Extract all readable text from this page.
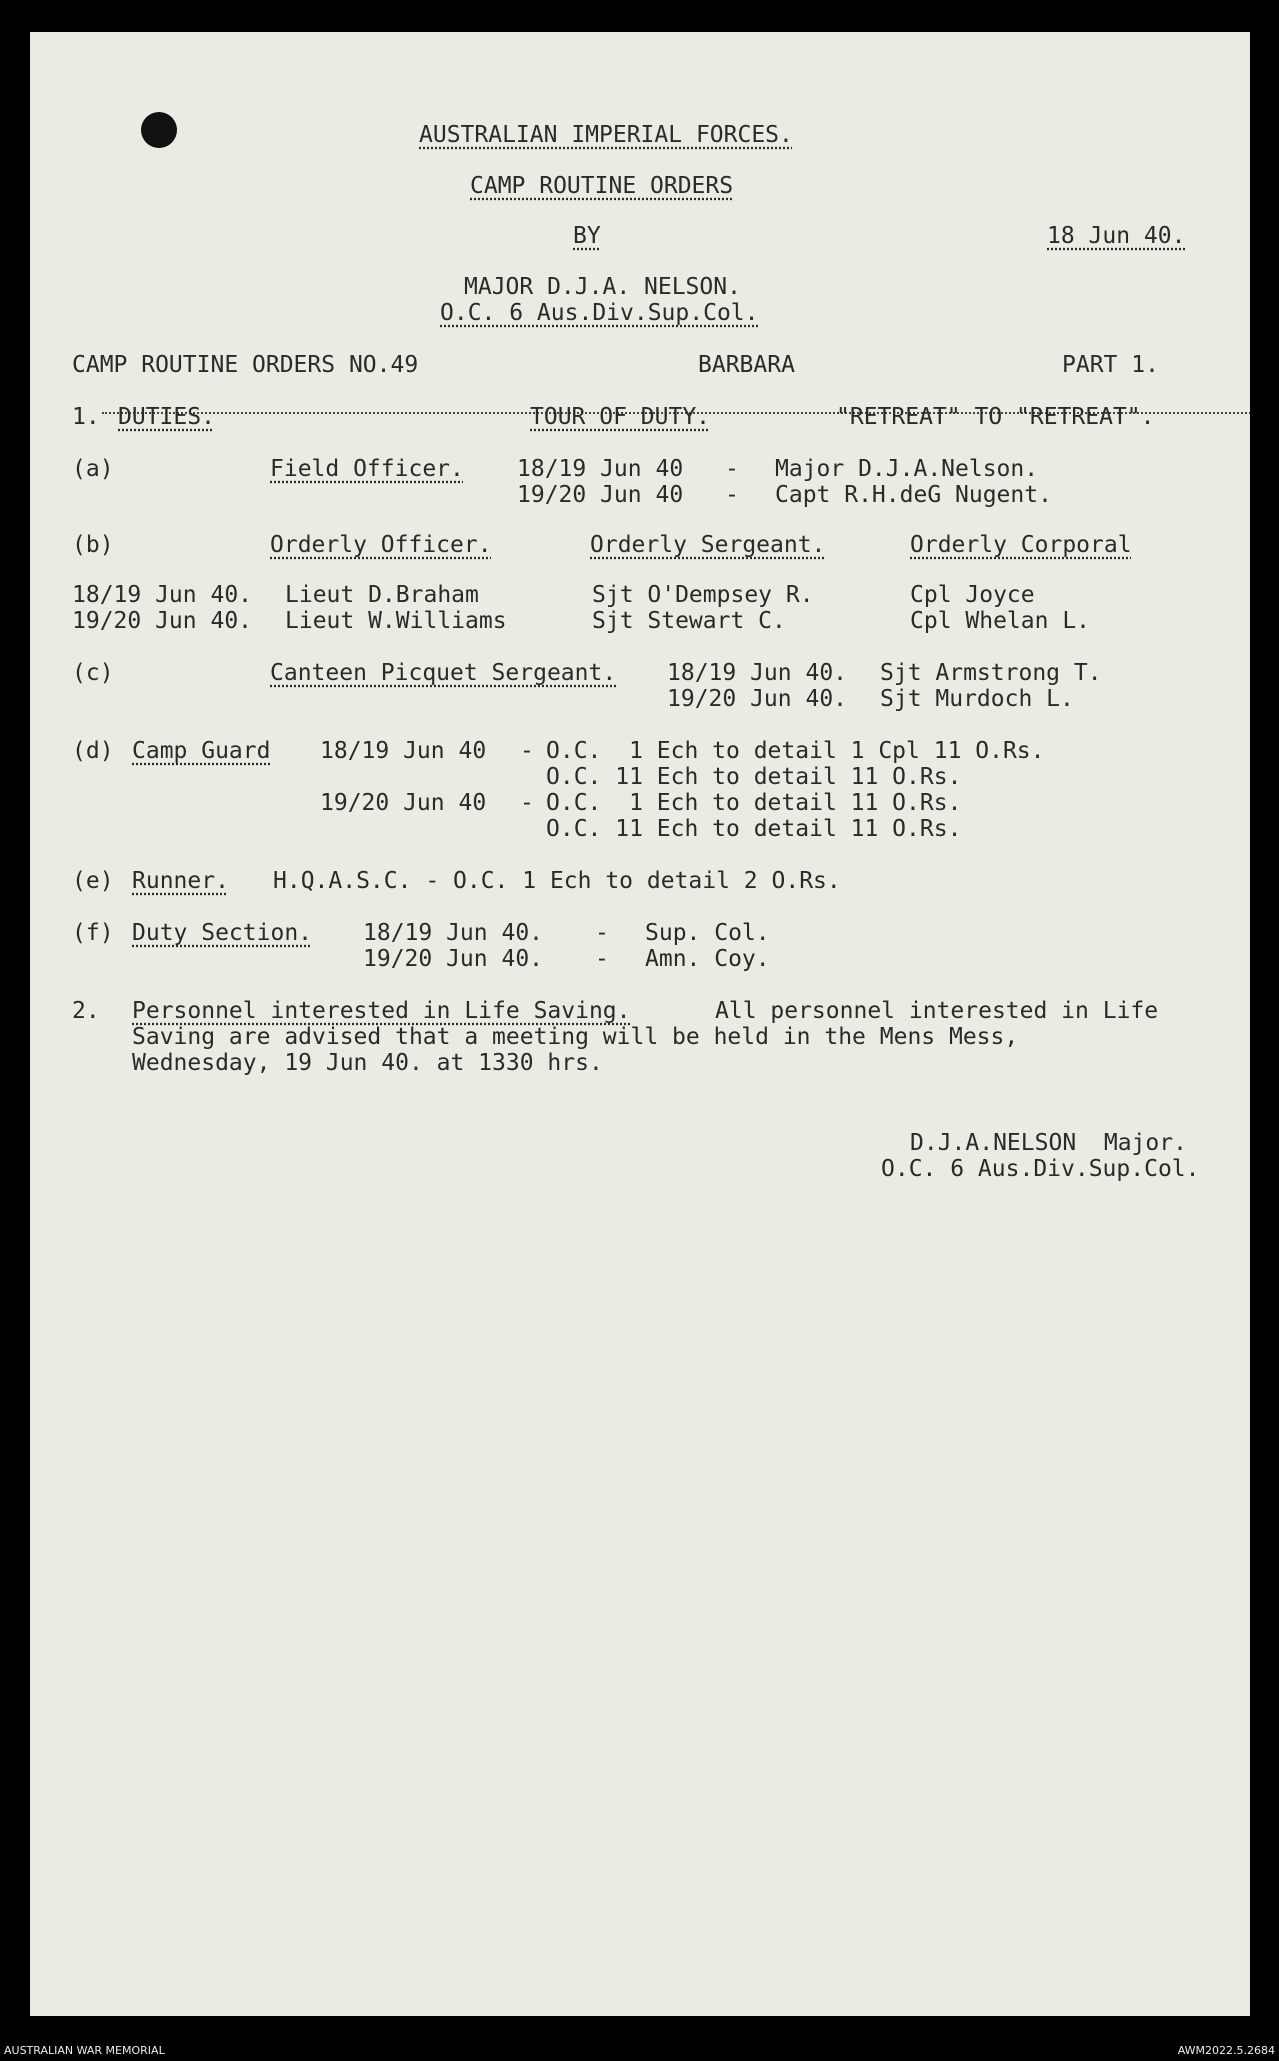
AUSTRALIAN IMPERIAL FORCES.
CAMP ROUTINE ORDERS
BY	18 Jun 40.
MAJOR D.J.A. NELSON.
O.C. 6 Aus.Div.Sup.Col.
CAMP ROUTINE ORDERS NO.49	BARBARA	PART 1.
1. DUTIES.	TOUR OF DUTY.	"RETREAT" TO "RETREAT".
(a)	Field Officer. 18/19 Jun 40 - Major D.J.A.Nelson.
19/20 Jun 40 - Capt R.H.deG Nugent.
(b)	Orderly Officer.	Orderly Sergeant.	Orderly Corporal
18/19 Jun 40. Lieut D.Braham	Sjt O'Dempsey R.	Cpl Joyce
19/20 Jun 40. Lieut W.Williams	Sjt Stewart C.	Cpl Whelan L.
(c)	Canteen Picquet Sergeant. 18/19 Jun 40. Sjt Armstrong T.
19/20 Jun 40. Sjt Murdoch L.
(d) Camp Guard 18/19 Jun 40 - O.C.  1 Ech to detail 1 Cpl 11 O.Rs.
O.C. 11 Ech to detail 11 O.Rs.
19/20 Jun 40 - O.C.  1 Ech to detail 11 O.Rs.
O.C. 11 Ech to detail 11 O.Rs.
(e) Runner. H.Q.A.S.C. - O.C. 1 Ech to detail 2 O.Rs.
(f) Duty Section. 18/19 Jun 40. - Sup. Col.
19/20 Jun 40. - Amn. Coy.
2. Personnel interested in Life Saving.	All personnel interested in Life
Saving are advised that a meeting will be held in the Mens Mess,
Wednesday, 19 Jun 40. at 1330 hrs.
D.J.A.NELSON  Major.
O.C. 6 Aus.Div.Sup.Col.
AUSTRALIAN WAR MEMORIAL	AWM2022.5.2684
